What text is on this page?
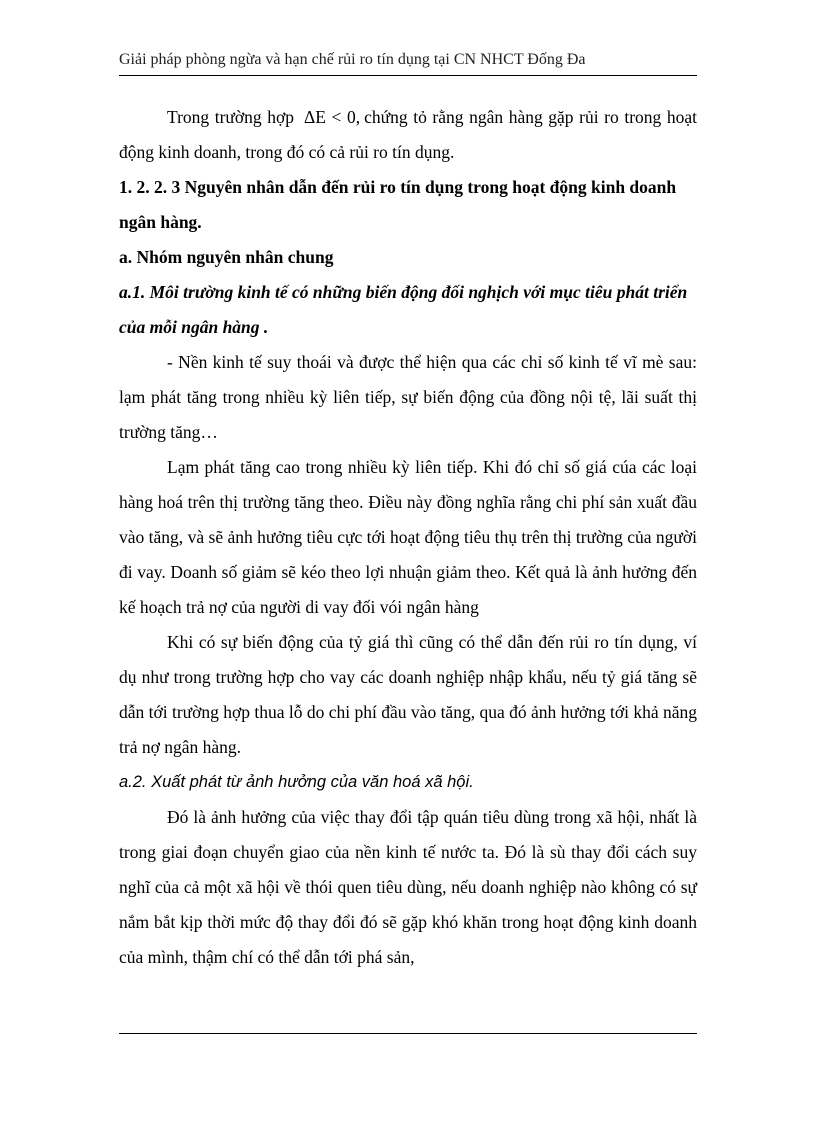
Giải pháp phòng ngừa và hạn chế rủi ro tín dụng tại CN NHCT Đống Đa

Trong trường hợp ΔE < 0, chứng tỏ rằng ngân hàng gặp rủi ro trong hoạt động kinh doanh, trong đó có cả rủi ro tín dụng.

1. 2. 2. 3 Nguyên nhân dẫn đến rủi ro tín dụng trong hoạt động kinh doanh ngân hàng.

a. Nhóm nguyên nhân chung

a.1. Môi trường kinh tế có những biến động đối nghịch với mục tiêu phát triển của mỗi ngân hàng .

- Nền kinh tế suy thoái và được thể hiện qua các chỉ số kinh tế vĩ mè sau: lạm phát tăng trong nhiều kỳ liên tiếp, sự biến động của đồng nội tệ, lãi suất thị trường tăng…

Lạm phát tăng cao trong nhiều kỳ liên tiếp. Khi đó chỉ số giá cúa các loại hàng hoá trên thị trường tăng theo. Điều này đồng nghĩa rằng chi phí sản xuất đầu vào tăng, và sẽ ảnh hưởng tiêu cực tới hoạt động tiêu thụ trên thị trường của người đi vay. Doanh số giảm sẽ kéo theo lợi nhuận giảm theo. Kết quả là ảnh hưởng đến kế hoạch trả nợ của người di vay đối vói ngân hàng

Khi có sự biến động của tỷ giá thì cũng có thể dẫn đến rủi ro tín dụng, ví dụ như trong trường hợp cho vay các doanh nghiệp nhập khẩu, nếu tỷ giá tăng sẽ dẫn tới trường hợp thua lỗ do chi phí đầu vào tăng, qua đó ảnh hưởng tới khả năng trả nợ ngân hàng.

a.2. Xuất phát từ ảnh hưởng của văn hoá xã hội.

Đó là ảnh hưởng của việc thay đổi tập quán tiêu dùng trong xã hội, nhất là trong giai đoạn chuyển giao của nền kinh tế nước ta. Đó là sù thay đổi cách suy nghĩ của cả một xã hội về thói quen tiêu dùng, nếu doanh nghiệp nào không có sự nắm bắt kịp thời mức độ thay đổi đó sẽ gặp khó khăn trong hoạt động kinh doanh của mình, thậm chí có thể dẫn tới phá sản,
